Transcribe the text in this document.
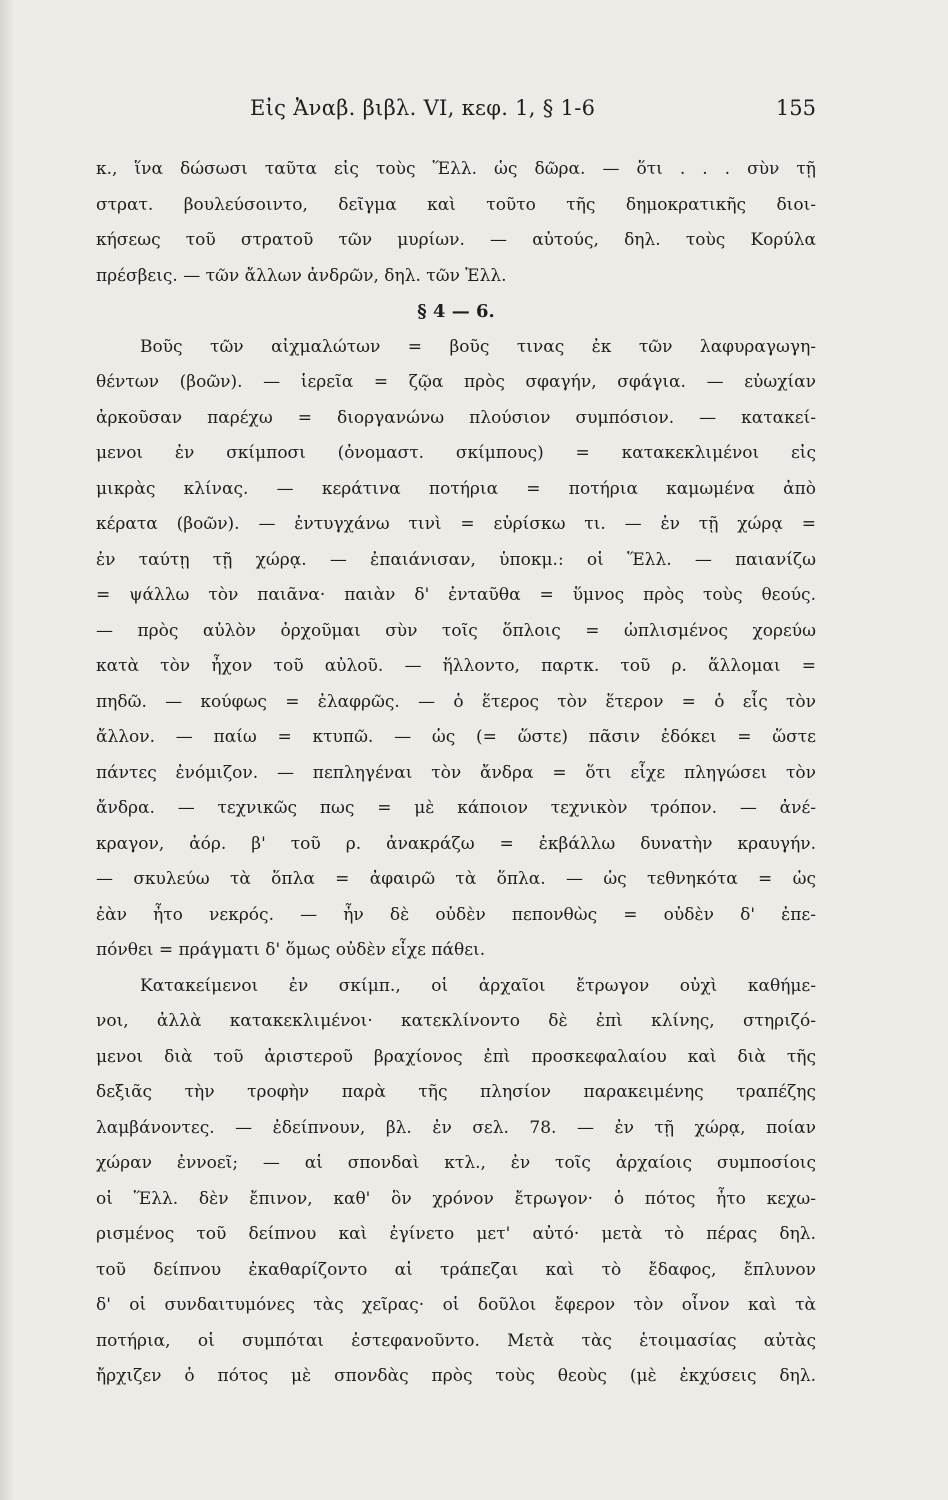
Εἰς Ἀναβ. βιβλ. VI, κεφ. 1, § 1-6	155
κ., ἵνα δώσωσι ταῦτα εἰς τοὺς Ἕλλ. ὡς δῶρα. — ὅτι . . . σὺν τῇ
στρατ. βουλεύσοιντο, δεῖγμα καὶ τοῦτο τῆς δημοκρατικῆς διοι-
κήσεως τοῦ στρατοῦ τῶν μυρίων. — αὐτούς, δηλ. τοὺς Κορύλα
πρέσβεις. — τῶν ἄλλων ἀνδρῶν, δηλ. τῶν Ἑλλ.
§ 4 — 6.
Βοῦς τῶν αἰχμαλώτων = βοῦς τινας ἐκ τῶν λαφυραγωγη-
θέντων (βοῶν). — ἱερεῖα = ζῷα πρὸς σφαγήν, σφάγια. — εὐωχίαν
ἀρκοῦσαν παρέχω = διοργανώνω πλούσιον συμπόσιον. — κατακεί-
μενοι ἐν σκίμποσι (ὀνομαστ. σκίμπους) = κατακεκλιμένοι εἰς
μικρὰς κλίνας. — κεράτινα ποτήρια = ποτήρια καμωμένα ἀπὸ
κέρατα (βοῶν). — ἐντυγχάνω τινὶ = εὑρίσκω τι. — ἐν τῇ χώρᾳ =
ἐν ταύτῃ τῇ χώρᾳ. — ἐπαιάνισαν, ὑποκμ.: οἱ Ἕλλ. — παιανίζω
= ψάλλω τὸν παιᾶνα· παιὰν δ' ἐνταῦθα = ὕμνος πρὸς τοὺς θεούς.
— πρὸς αὐλὸν ὀρχοῦμαι σὺν τοῖς ὅπλοις = ὡπλισμένος χορεύω
κατὰ τὸν ἦχον τοῦ αὐλοῦ. — ἥλλοντο, παρτκ. τοῦ ρ. ἅλλομαι =
πηδῶ. — κούφως = ἐλαφρῶς. — ὁ ἕτερος τὸν ἕτερον = ὁ εἷς τὸν
ἄλλον. — παίω = κτυπῶ. — ὡς (= ὥστε) πᾶσιν ἐδόκει = ὥστε
πάντες ἐνόμιζον. — πεπληγέναι τὸν ἄνδρα = ὅτι εἶχε πληγώσει τὸν
ἄνδρα. — τεχνικῶς πως = μὲ κάποιον τεχνικὸν τρόπον. — ἀνέ-
κραγον, ἀόρ. β' τοῦ ρ. ἀνακράζω = ἐκβάλλω δυνατὴν κραυγήν.
— σκυλεύω τὰ ὅπλα = ἀφαιρῶ τὰ ὅπλα. — ὡς τεθνηκότα = ὡς
ἐὰν ἦτο νεκρός. — ἦν δὲ οὐδὲν πεπονθὼς = οὐδὲν δ' ἐπε-
πόνθει = πράγματι δ' ὅμως οὐδὲν εἶχε πάθει.
Κατακείμενοι ἐν σκίμπ., οἱ ἀρχαῖοι ἔτρωγον οὐχὶ καθήμε-
νοι, ἀλλὰ κατακεκλιμένοι· κατεκλίνοντο δὲ ἐπὶ κλίνης, στηριζό-
μενοι διὰ τοῦ ἀριστεροῦ βραχίονος ἐπὶ προσκεφαλαίου καὶ διὰ τῆς
δεξιᾶς τὴν τροφὴν παρὰ τῆς πλησίον παρακειμένης τραπέζης
λαμβάνοντες. — ἐδείπνουν, βλ. ἐν σελ. 78. — ἐν τῇ χώρᾳ, ποίαν
χώραν ἐννοεῖ; — αἱ σπονδαὶ κτλ., ἐν τοῖς ἀρχαίοις συμποσίοις
οἱ Ἕλλ. δὲν ἔπινον, καθ' ὃν χρόνον ἔτρωγον· ὁ πότος ἦτο κεχω-
ρισμένος τοῦ δείπνου καὶ ἐγίνετο μετ' αὐτό· μετὰ τὸ πέρας δηλ.
τοῦ δείπνου ἐκαθαρίζοντο αἱ τράπεζαι καὶ τὸ ἔδαφος, ἔπλυνον
δ' οἱ συνδαιτυμόνες τὰς χεῖρας· οἱ δοῦλοι ἔφερον τὸν οἶνον καὶ τὰ
ποτήρια, οἱ συμπόται ἐστεφανοῦντο. Μετὰ τὰς ἑτοιμασίας αὐτὰς
ἤρχιζεν ὁ πότος μὲ σπονδὰς πρὸς τοὺς θεοὺς (μὲ ἐκχύσεις δηλ.
